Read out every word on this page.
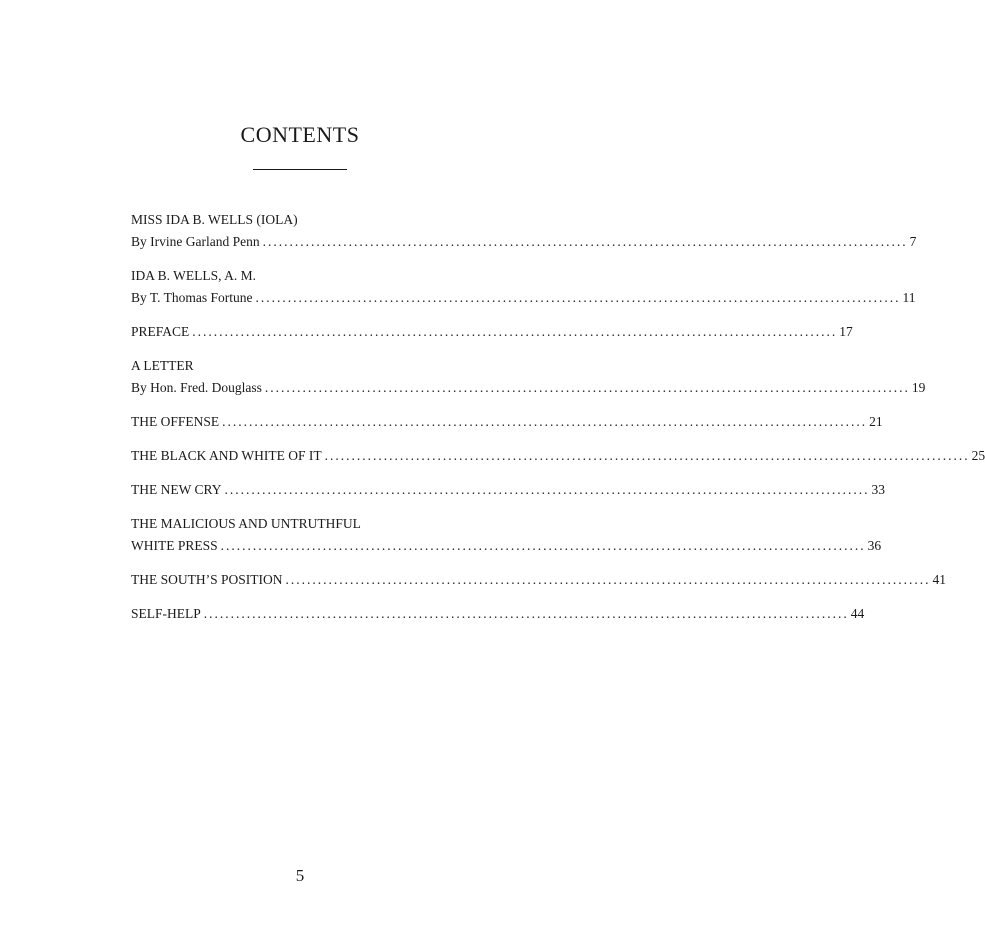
CONTENTS
MISS IDA B. WELLS (IOLA)
By Irvine Garland Penn ........................................................................................................................ 7
IDA B. WELLS, A. M.
By T. Thomas Fortune ........................................................................................................................ 11
PREFACE ........................................................................................................................ 17
A LETTER
By Hon. Fred. Douglass ........................................................................................................................ 19
THE OFFENSE ........................................................................................................................ 21
THE BLACK AND WHITE OF IT ........................................................................................................................ 25
THE NEW CRY ........................................................................................................................ 33
THE MALICIOUS AND UNTRUTHFUL
WHITE PRESS ........................................................................................................................ 36
THE SOUTH’S POSITION ........................................................................................................................ 41
SELF-HELP ........................................................................................................................ 44
5
